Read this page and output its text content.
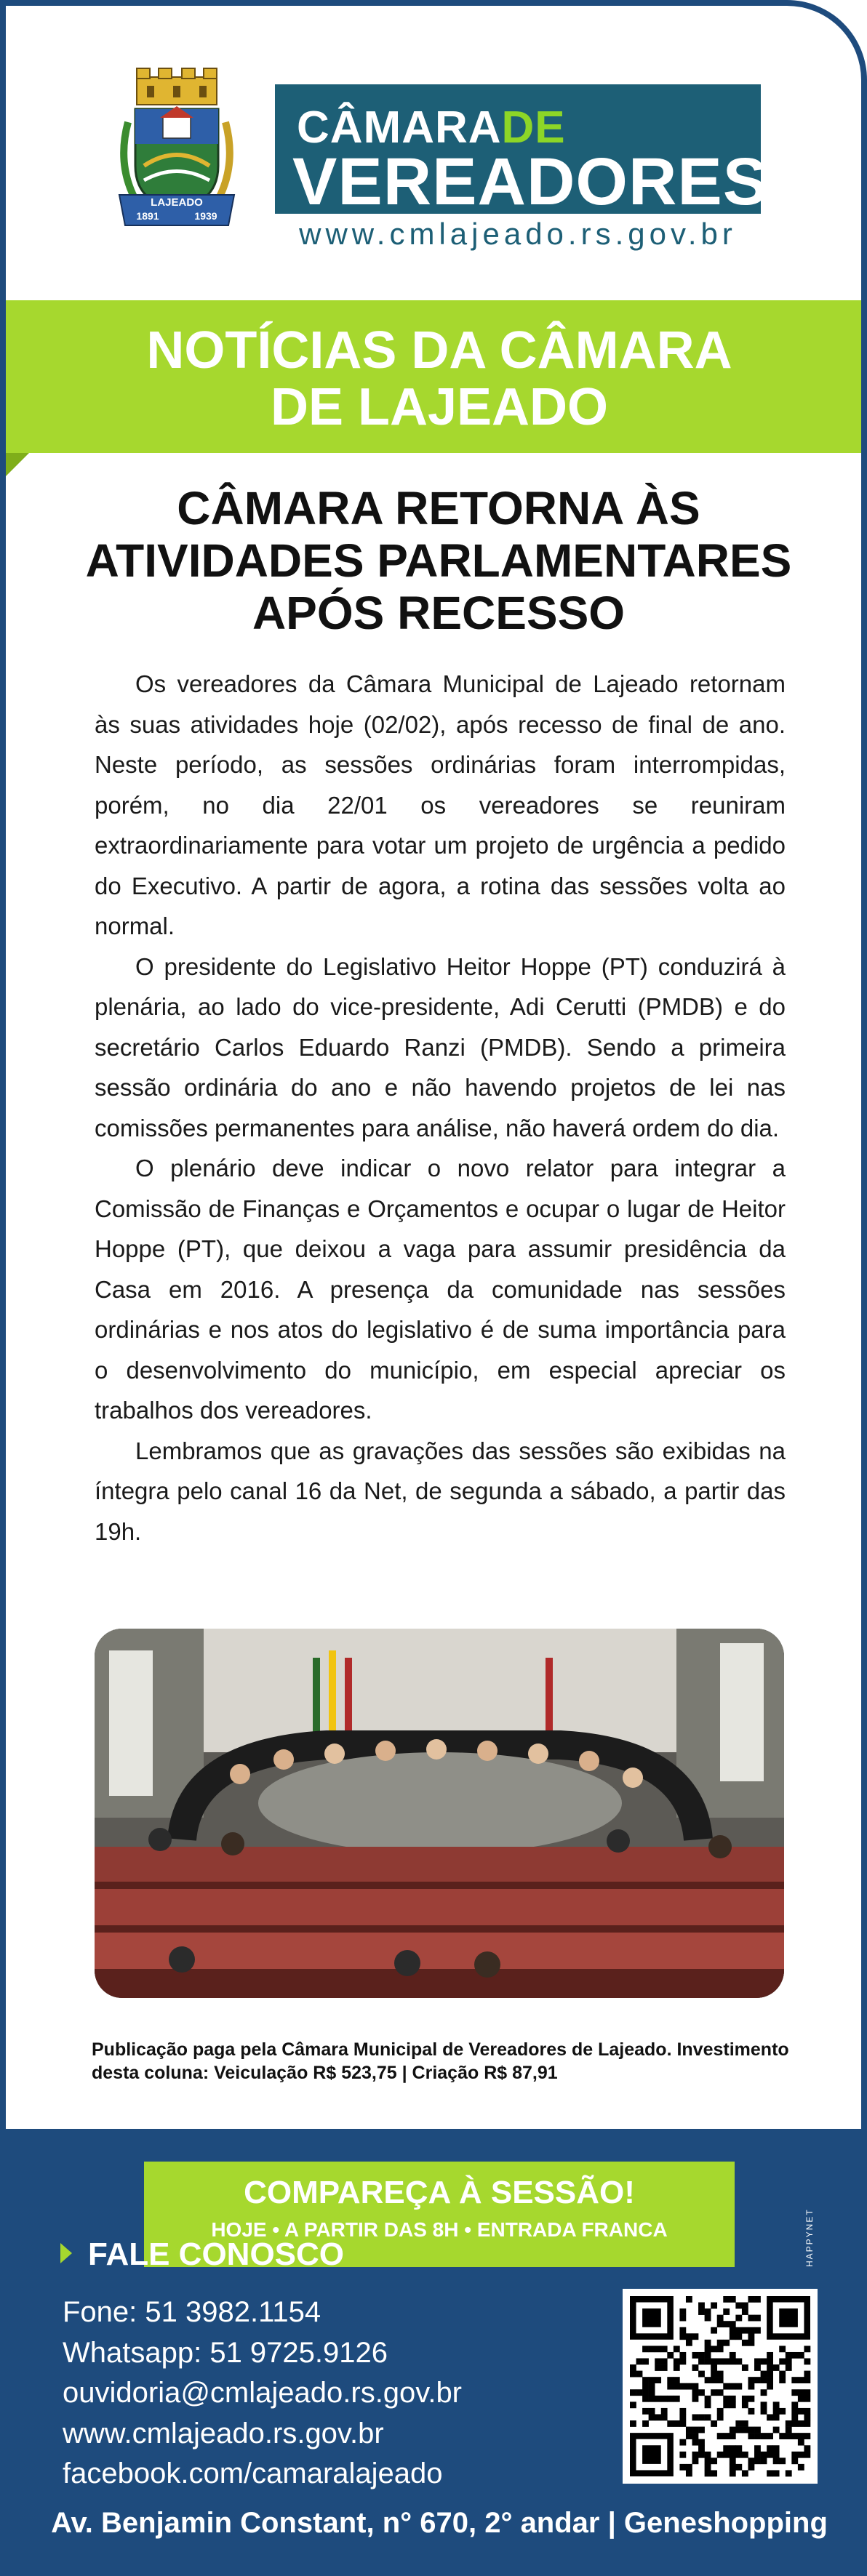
LAJEADO
1891	1939
CÂMARADE
VEREADORES
www.cmlajeado.rs.gov.br
NOTÍCIAS DA CÂMARA
DE LAJEADO
CÂMARA RETORNA ÀS
ATIVIDADES PARLAMENTARES
APÓS RECESSO

Os vereadores da Câmara Municipal de Lajeado retornam às suas atividades hoje (02/02), após recesso de final de ano. Neste período, as sessões ordinárias foram interrompidas, porém, no dia 22/01 os vereadores se reuniram extraordinariamente para votar um projeto de urgência a pedido do Executivo. A partir de agora, a rotina das sessões volta ao normal.

O presidente do Legislativo Heitor Hoppe (PT) conduzirá à plenária, ao lado do vice-presidente, Adi Cerutti (PMDB) e do secretário Carlos Eduardo Ranzi (PMDB). Sendo a primeira sessão ordinária do ano e não havendo projetos de lei nas comissões permanentes para análise, não haverá ordem do dia.

O plenário deve indicar o novo relator para integrar a Comissão de Finanças e Orçamentos e ocupar o lugar de Heitor Hoppe (PT), que deixou a vaga para assumir presidência da Casa em 2016. A presença da comunidade nas sessões ordinárias e nos atos do legislativo é de suma importância para o desenvolvimento do município, em especial apreciar os trabalhos dos vereadores.

Lembramos que as gravações das sessões são exibidas na íntegra pelo canal 16 da Net, de segunda a sábado, a partir das 19h.

Publicação paga pela Câmara Municipal de Vereadores de Lajeado. Investimento
desta coluna: Veiculação R$ 523,75 | Criação R$ 87,91
COMPAREÇA À SESSÃO!
HOJE • A PARTIR DAS 8H • ENTRADA FRANCA	HAPPYNET
FALE CONOSCO
Fone: 51 3982.1154
Whatsapp: 51 9725.9126
ouvidoria@cmlajeado.rs.gov.br
www.cmlajeado.rs.gov.br
facebook.com/camaralajeado
Av. Benjamin Constant, n° 670, 2° andar | Geneshopping
